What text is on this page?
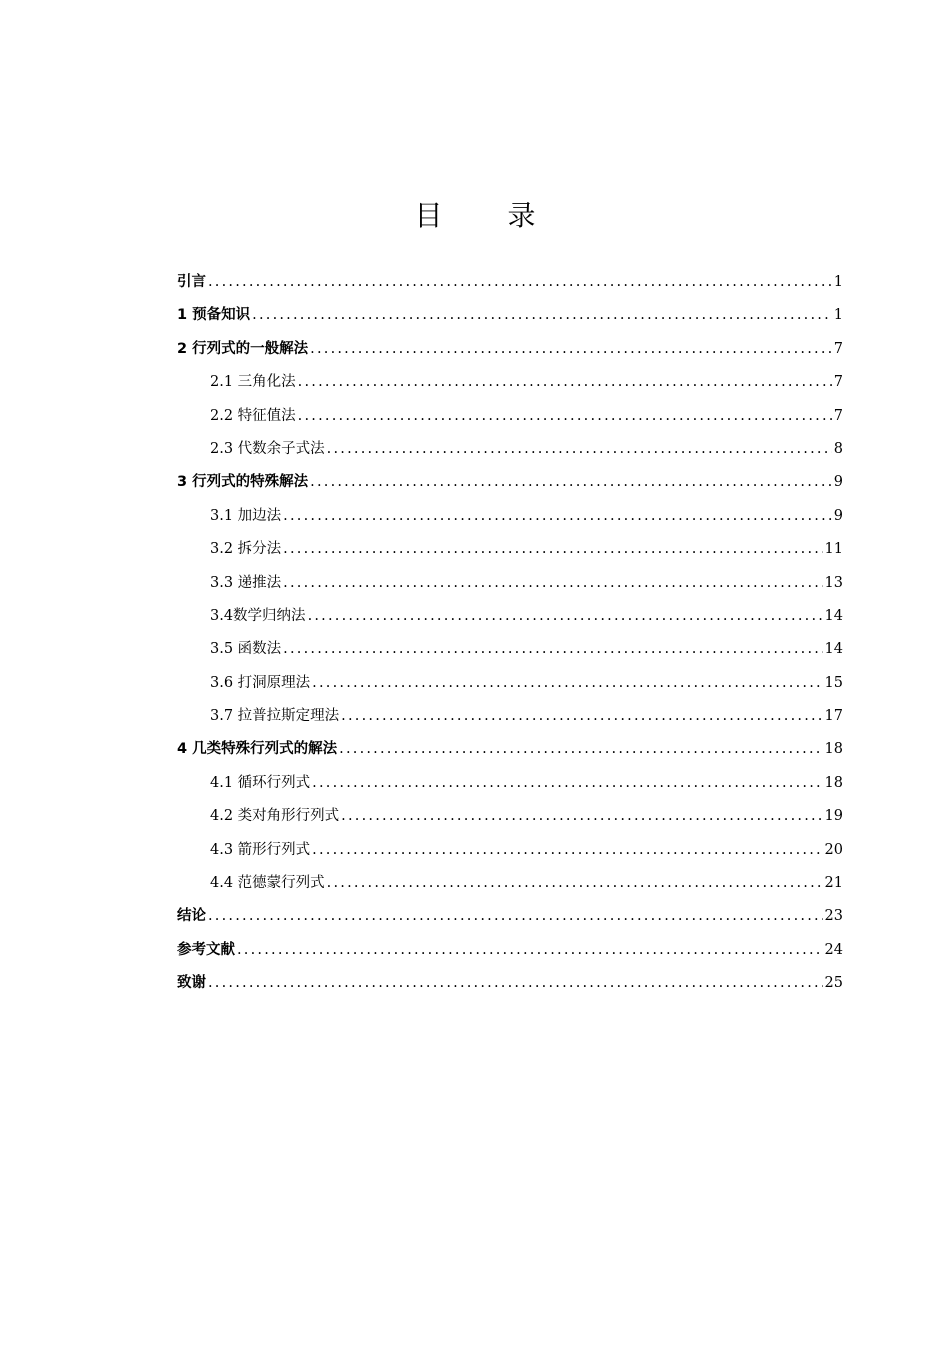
目 录
引言 .....	1
1 预备知识 .....	1
2 行列式的一般解法 .....	7
2.1 三角化法 .....	7
2.2 特征值法 .....	7
2.3 代数余子式法 .....	8
3 行列式的特殊解法 .....	9
3.1 加边法 .....	9
3.2 拆分法 .....	11
3.3 递推法 .....	13
3.4数学归纳法 .....	14
3.5 函数法 .....	14
3.6 打洞原理法 .....	15
3.7 拉普拉斯定理法 .....	17
4 几类特殊行列式的解法 .....	18
4.1 循环行列式 .....	18
4.2 类对角形行列式 .....	19
4.3 箭形行列式 .....	20
4.4 范德蒙行列式 .....	21
结论 .....	23
参考文献 .....	24
致谢 .....	25
